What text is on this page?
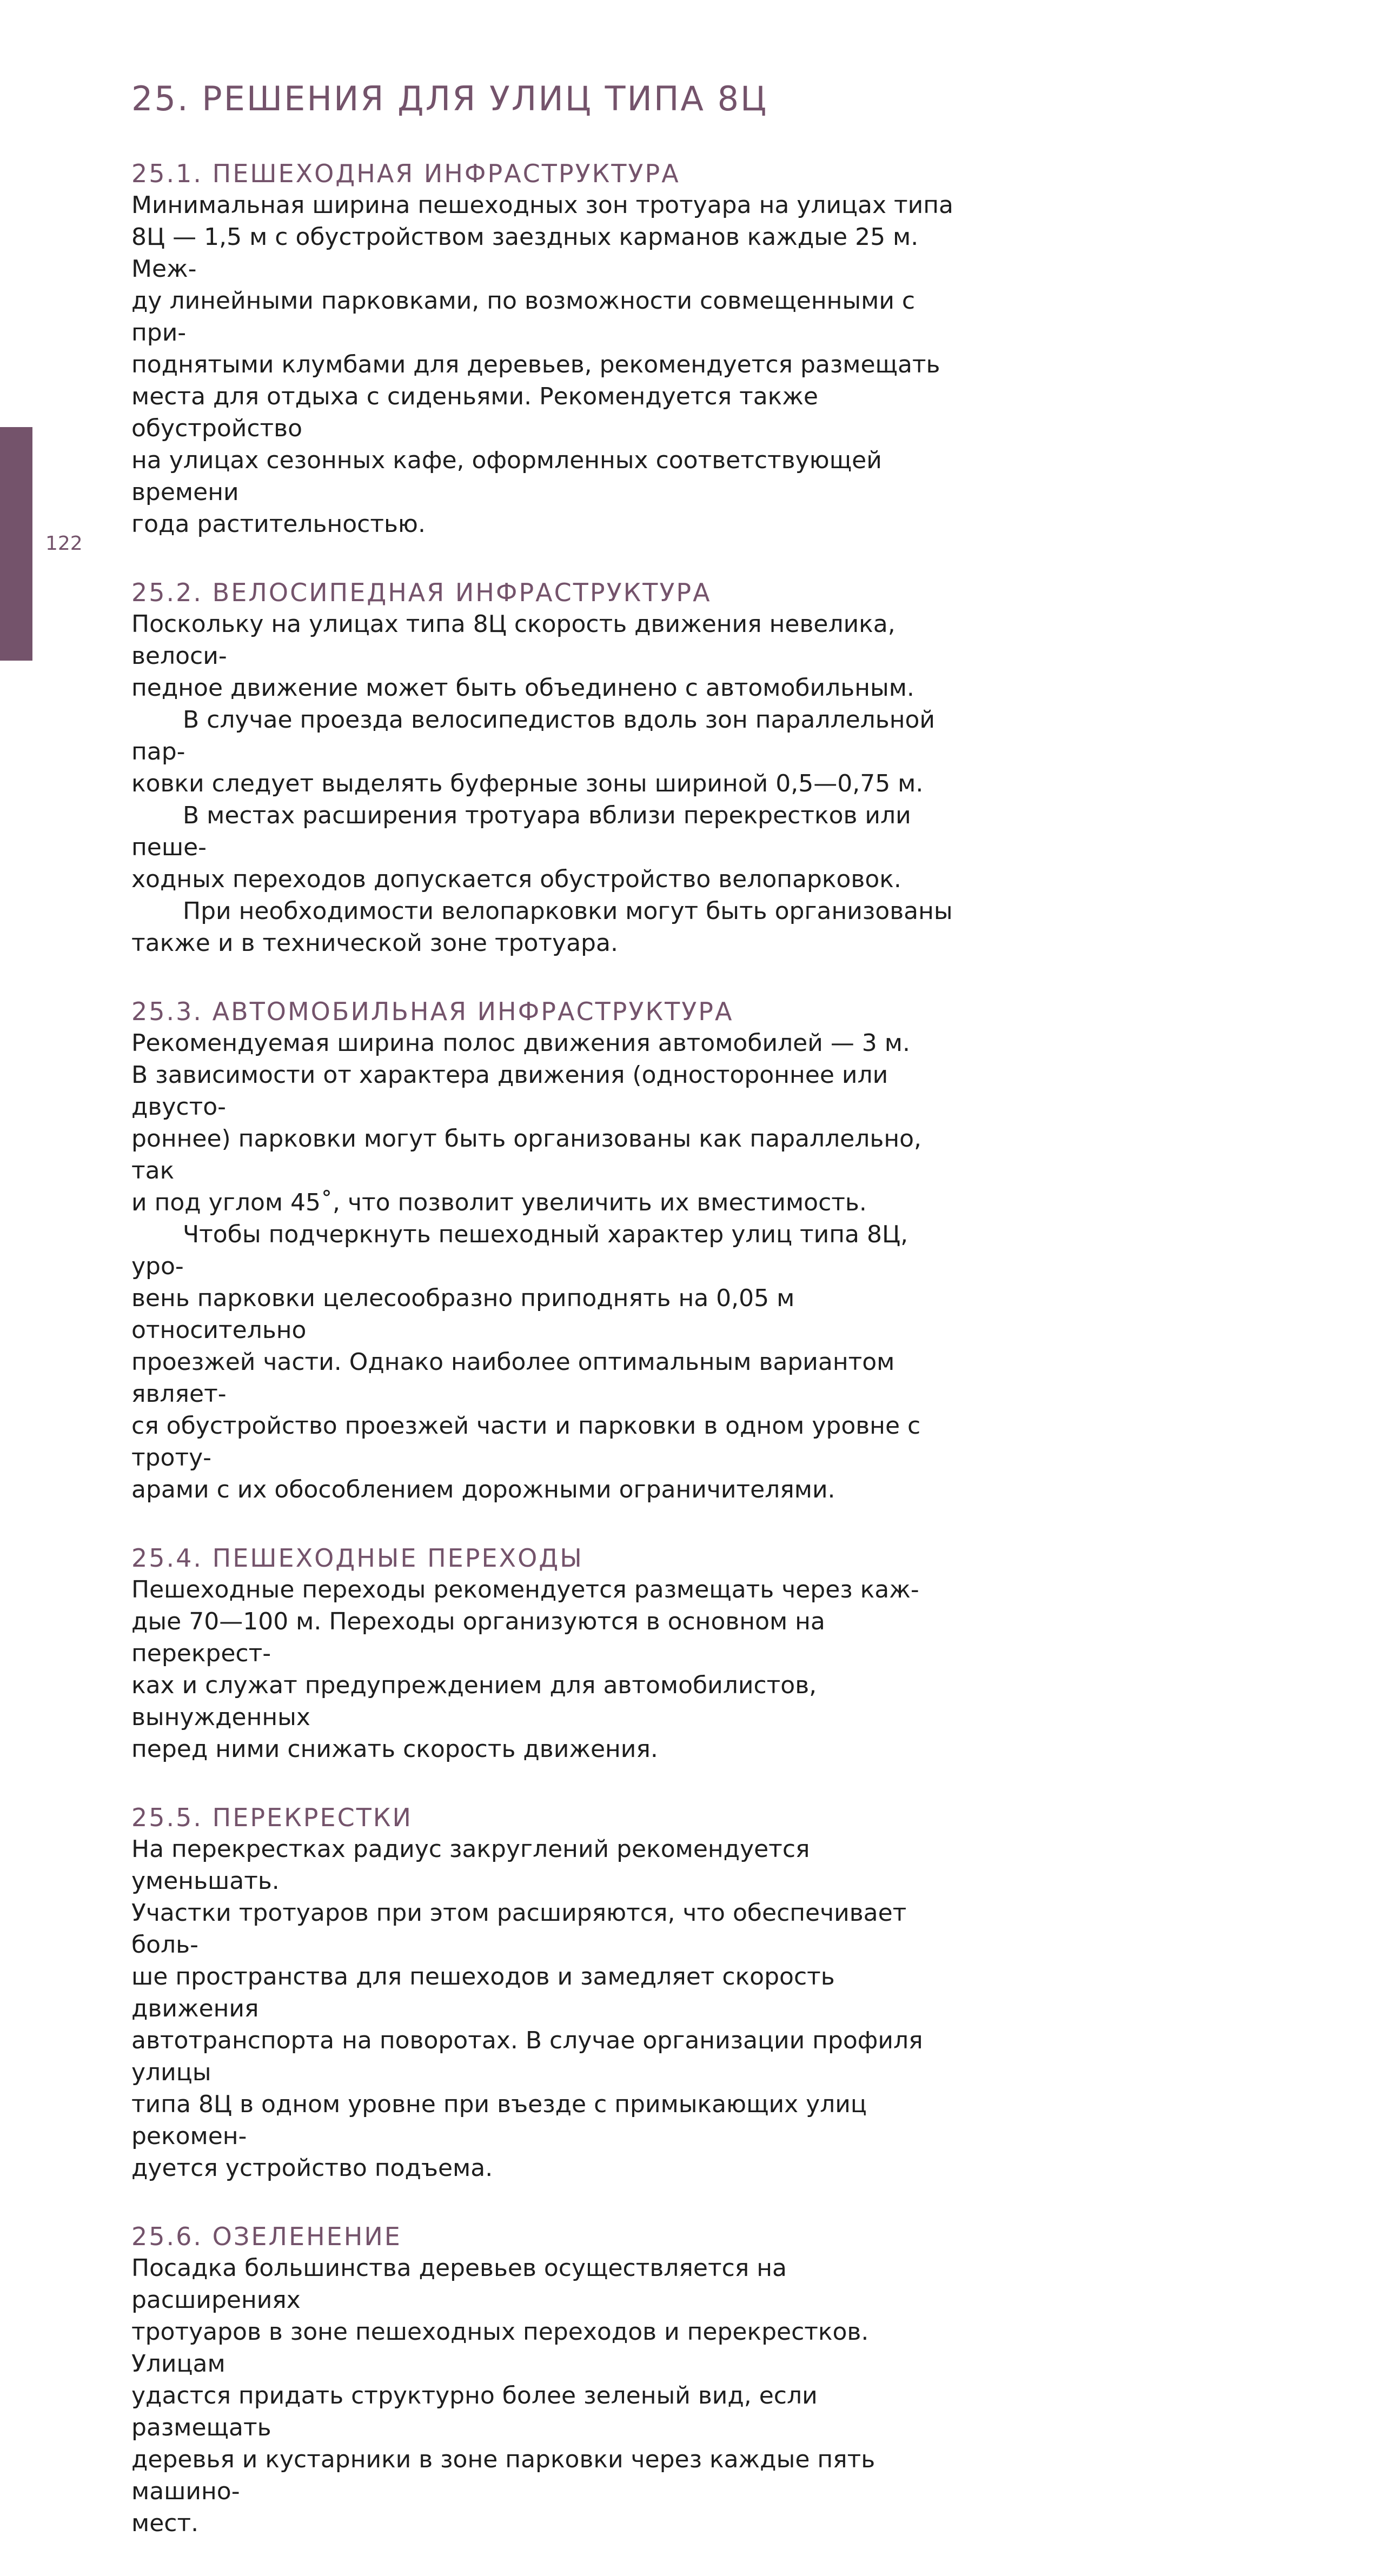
122
25. РЕШЕНИЯ ДЛЯ УЛИЦ ТИПА 8Ц
25.1. ПЕШЕХОДНАЯ ИНФРАСТРУКТУРА

Минимальная ширина пешеходных зон тротуара на улицах типа
8Ц — 1,5 м с обустройством заездных карманов каждые 25 м. Меж-
ду линейными парковками, по возможности совмещенными с при-
поднятыми клумбами для деревьев, рекомендуется размещать
места для отдыха с сиденьями. Рекомендуется также обустройство
на улицах сезонных кафе, оформленных соответствующей времени
года растительностью.

25.2. ВЕЛОСИПЕДНАЯ ИНФРАСТРУКТУРА

Поскольку на улицах типа 8Ц скорость движения невелика, велоси-
педное движение может быть объединено с автомобильным.

В случае проезда велосипедистов вдоль зон параллельной пар-
ковки следует выделять буферные зоны шириной 0,5—0,75 м.

В местах расширения тротуара вблизи перекрестков или пеше-
ходных переходов допускается обустройство велопарковок.

При необходимости велопарковки могут быть организованы
также и в технической зоне тротуара.

25.3. АВТОМОБИЛЬНАЯ ИНФРАСТРУКТУРА

Рекомендуемая ширина полос движения автомобилей — 3 м.
В зависимости от характера движения (одностороннее или двусто-
роннее) парковки могут быть организованы как параллельно, так
и под углом 45˚, что позволит увеличить их вместимость.

Чтобы подчеркнуть пешеходный характер улиц типа 8Ц, уро-
вень парковки целесообразно приподнять на 0,05 м относительно
проезжей части. Однако наиболее оптимальным вариантом являет-
ся обустройство проезжей части и парковки в одном уровне с троту-
арами с их обособлением дорожными ограничителями.

25.4. ПЕШЕХОДНЫЕ ПЕРЕХОДЫ

Пешеходные переходы рекомендуется размещать через каж-
дые 70—100 м. Переходы организуются в основном на перекрест-
ках и служат предупреждением для автомобилистов, вынужденных
перед ними снижать скорость движения.

25.5. ПЕРЕКРЕСТКИ

На перекрестках радиус закруглений рекомендуется уменьшать.
Участки тротуаров при этом расширяются, что обеспечивает боль-
ше пространства для пешеходов и замедляет скорость движения
автотранспорта на поворотах. В случае организации профиля улицы
типа 8Ц в одном уровне при въезде с примыкающих улиц рекомен-
дуется устройство подъема.

25.6. ОЗЕЛЕНЕНИЕ

Посадка большинства деревьев осуществляется на расширениях
тротуаров в зоне пешеходных переходов и перекрестков. Улицам
удастся придать структурно более зеленый вид, если размещать
деревья и кустарники в зоне парковки через каждые пять машино-
мест.
